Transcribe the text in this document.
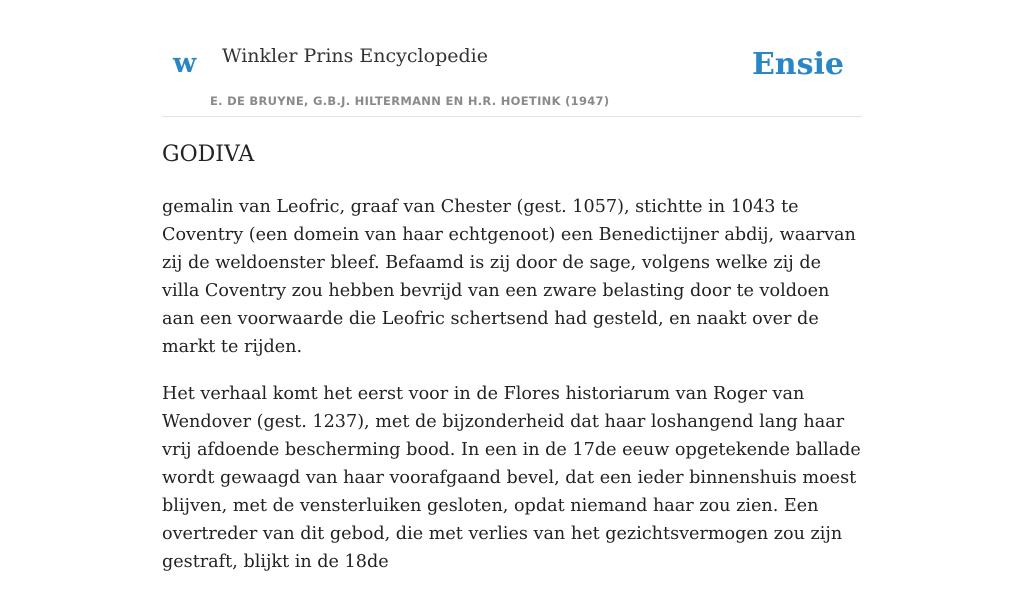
w Winkler Prins Encyclopedie
E. DE BRUYNE, G.B.J. HILTERMANN EN H.R. HOETINK (1947)
Ensie
GODIVA

gemalin van Leofric, graaf van Chester (gest. 1057), stichtte in 1043 te Coventry (een domein van haar echtgenoot) een Benedictijner abdij, waarvan zij de weldoenster bleef. Befaamd is zij door de sage, volgens welke zij de villa Coventry zou hebben bevrijd van een zware belasting door te voldoen aan een voorwaarde die Leofric schertsend had gesteld, en naakt over de markt te rijden.

Het verhaal komt het eerst voor in de Flores historiarum van Roger van Wendover (gest. 1237), met de bijzonderheid dat haar loshangend lang haar vrij afdoende bescherming bood. In een in de 17de eeuw opgetekende ballade wordt gewaagd van haar voorafgaand bevel, dat een ieder binnenshuis moest blijven, met de vensterluiken gesloten, opdat niemand haar zou zien. Een overtreder van dit gebod, die met verlies van het gezichtsvermogen zou zijn gestraft, blijkt in de 18de
